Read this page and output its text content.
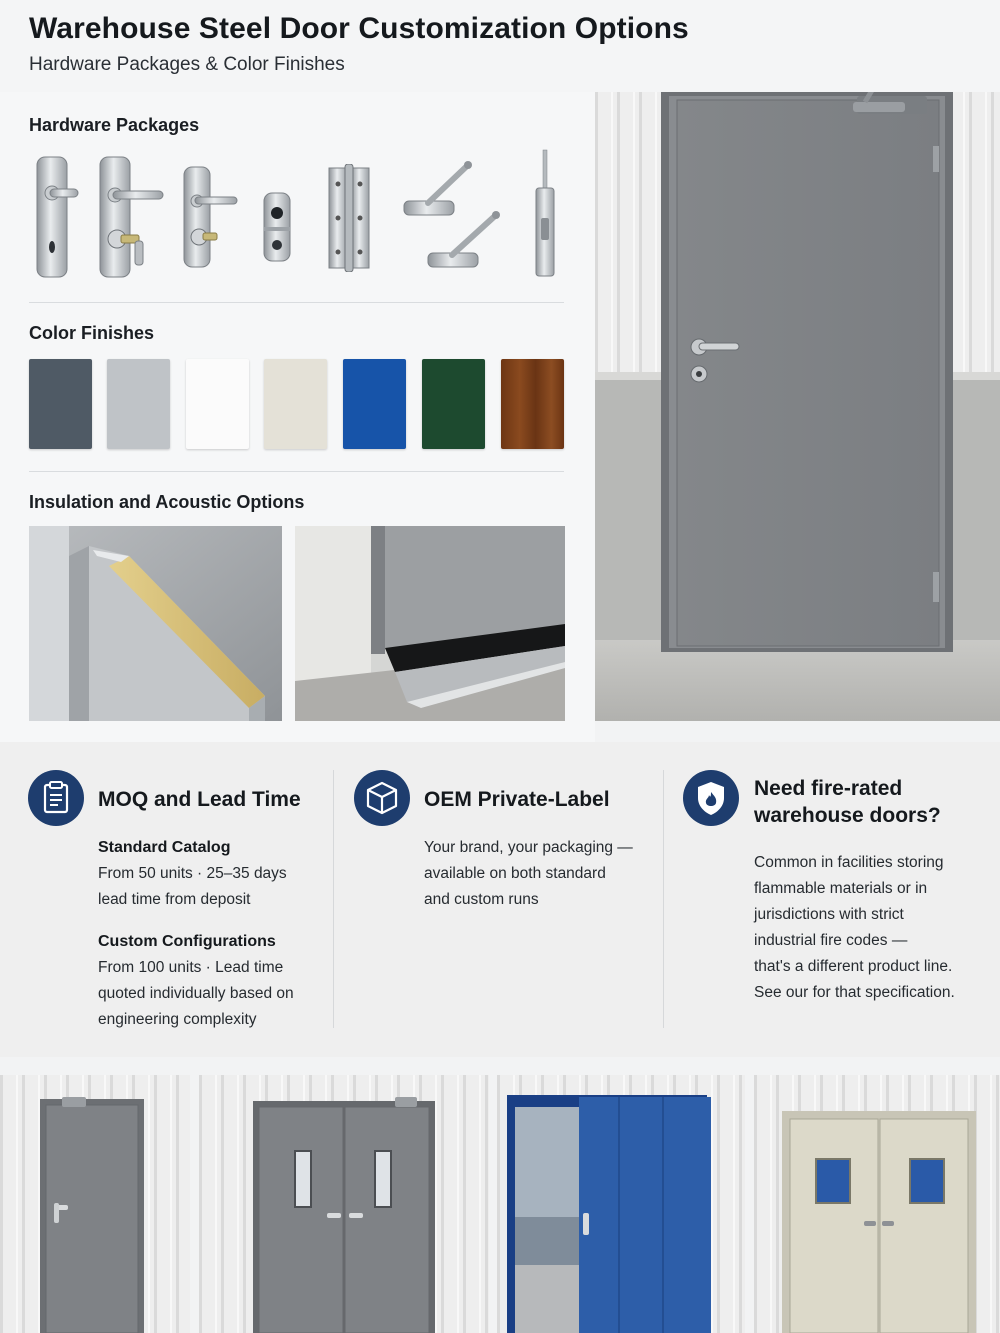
Warehouse Steel Door Customization Options
Hardware Packages & Color Finishes
Hardware Packages
Color Finishes
Insulation and Acoustic Options
MOQ and Lead Time
Standard Catalog
From 50 units · 25–35 days
lead time from deposit
Custom Configurations
From 100 units · Lead time
quoted individually based on
engineering complexity
OEM Private-Label
Your brand, your packaging —
available on both standard
and custom runs
Need fire-rated
warehouse doors?
Common in facilities storing
flammable materials or in
jurisdictions with strict
industrial fire codes —
that's a different product line.
See our for that specification.
